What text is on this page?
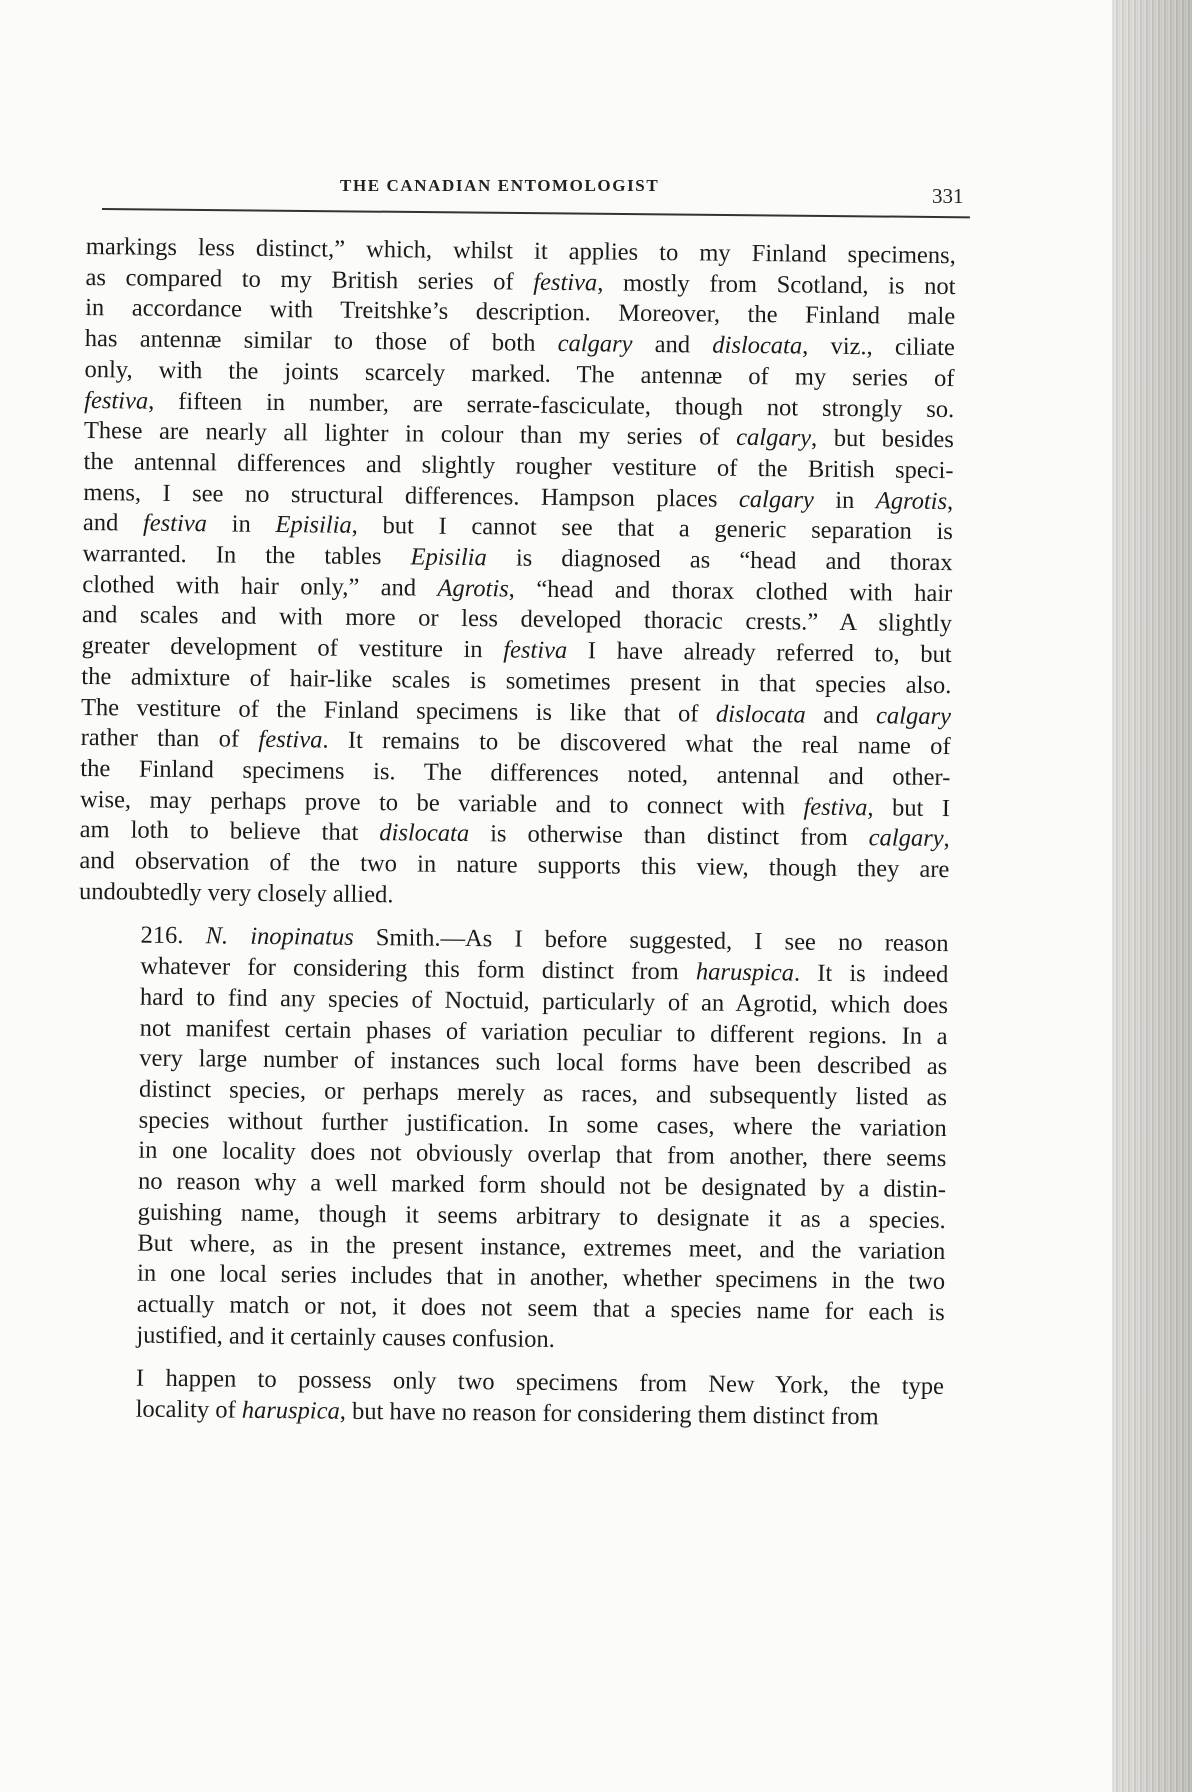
THE CANADIAN ENTOMOLOGIST	331

markings less distinct,” which, whilst it applies to my Finland specimens,
as compared to my British series of festiva, mostly from Scotland, is not
in accordance with Treitshke’s description. Moreover, the Finland male
has antennæ similar to those of both calgary and dislocata, viz., ciliate
only, with the joints scarcely marked. The antennæ of my series of
festiva, fifteen in number, are serrate-fasciculate, though not strongly so.
These are nearly all lighter in colour than my series of calgary, but besides
the antennal differences and slightly rougher vestiture of the British speci-
mens, I see no structural differences. Hampson places calgary in Agrotis,
and festiva in Episilia, but I cannot see that a generic separation is
warranted. In the tables Episilia is diagnosed as “head and thorax
clothed with hair only,” and Agrotis, “head and thorax clothed with hair
and scales and with more or less developed thoracic crests.” A slightly
greater development of vestiture in festiva I have already referred to, but
the admixture of hair-like scales is sometimes present in that species also.
The vestiture of the Finland specimens is like that of dislocata and calgary
rather than of festiva. It remains to be discovered what the real name of
the Finland specimens is. The differences noted, antennal and other-
wise, may perhaps prove to be variable and to connect with festiva, but I
am loth to believe that dislocata is otherwise than distinct from calgary,
and observation of the two in nature supports this view, though they are
undoubtedly very closely allied.

216. N. inopinatus Smith.—As I before suggested, I see no reason
whatever for considering this form distinct from haruspica. It is indeed
hard to find any species of Noctuid, particularly of an Agrotid, which does
not manifest certain phases of variation peculiar to different regions. In a
very large number of instances such local forms have been described as
distinct species, or perhaps merely as races, and subsequently listed as
species without further justification. In some cases, where the variation
in one locality does not obviously overlap that from another, there seems
no reason why a well marked form should not be designated by a distin-
guishing name, though it seems arbitrary to designate it as a species.
But where, as in the present instance, extremes meet, and the variation
in one local series includes that in another, whether specimens in the two
actually match or not, it does not seem that a species name for each is
justified, and it certainly causes confusion.

I happen to possess only two specimens from New York, the type
locality of haruspica, but have no reason for considering them distinct from
